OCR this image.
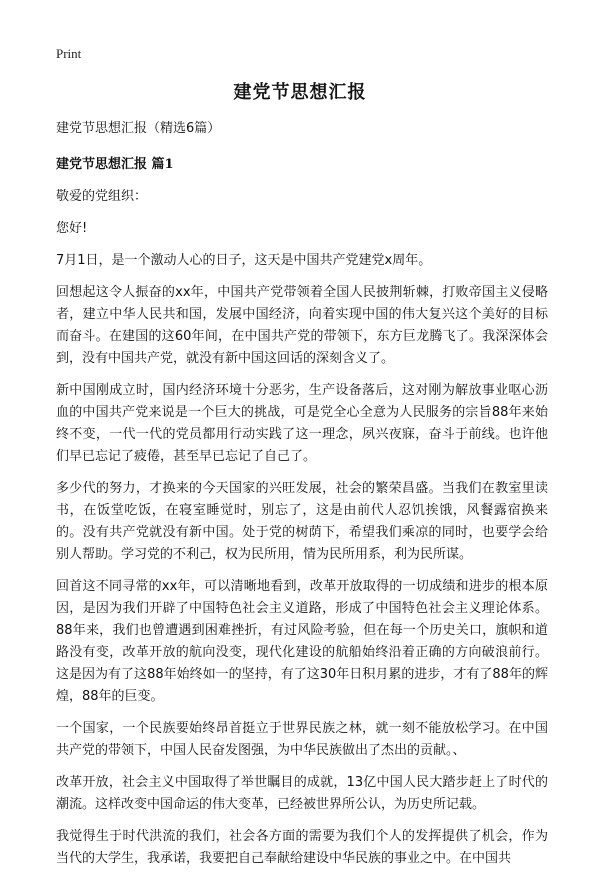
Print
建党节思想汇报

建党节思想汇报（精选6篇）

建党节思想汇报 篇1

敬爱的党组织：

您好!

7月1日，是一个激动人心的日子，这天是中国共产党建党x周年。

回想起这令人振奋的xx年，中国共产党带领着全国人民披荆斩棘，打败帝国主义侵略者，建立中华人民共和国，发展中国经济，向着实现中国的伟大复兴这个美好的目标而奋斗。在建国的这60年间，在中国共产党的带领下，东方巨龙腾飞了。我深深体会到，没有中国共产党，就没有新中国这回话的深刻含义了。

新中国刚成立时，国内经济环境十分恶劣，生产设备落后，这对刚为解放事业呕心沥血的中国共产党来说是一个巨大的挑战，可是党全心全意为人民服务的宗旨88年来始终不变，一代一代的党员都用行动实践了这一理念，夙兴夜寐，奋斗于前线。也许他们早已忘记了疲倦，甚至早已忘记了自己了。

多少代的努力，才换来的今天国家的兴旺发展，社会的繁荣昌盛。当我们在教室里读书，在饭堂吃饭，在寝室睡觉时，别忘了，这是由前代人忍饥挨饿，风餐露宿换来的。没有共产党就没有新中国。处于党的树荫下，希望我们乘凉的同时，也要学会给别人帮助。学习党的不利己，权为民所用，情为民所用系，利为民所谋。

回首这不同寻常的xx年，可以清晰地看到，改革开放取得的一切成绩和进步的根本原因，是因为我们开辟了中国特色社会主义道路，形成了中国特色社会主义理论体系。88年来，我们也曾遭遇到困难挫折，有过风险考验，但在每一个历史关口，旗帜和道路没有变，改革开放的航向没变，现代化建设的航船始终沿着正确的方向破浪前行。这是因为有了这88年始终如一的坚持，有了这30年日积月累的进步，才有了88年的辉煌，88年的巨变。

一个国家，一个民族要始终昂首挺立于世界民族之林，就一刻不能放松学习。在中国共产党的带领下，中国人民奋发图强，为中华民族做出了杰出的贡献。、

改革开放，社会主义中国取得了举世瞩目的成就，13亿中国人民大踏步赶上了时代的潮流。这样改变中国命运的伟大变革，已经被世界所公认，为历史所记载。

我觉得生于时代洪流的我们，社会各方面的需要为我们个人的发挥提供了机会，作为当代的大学生，我承诺，我要把自己奉献给建设中华民族的事业之中。在中国共
